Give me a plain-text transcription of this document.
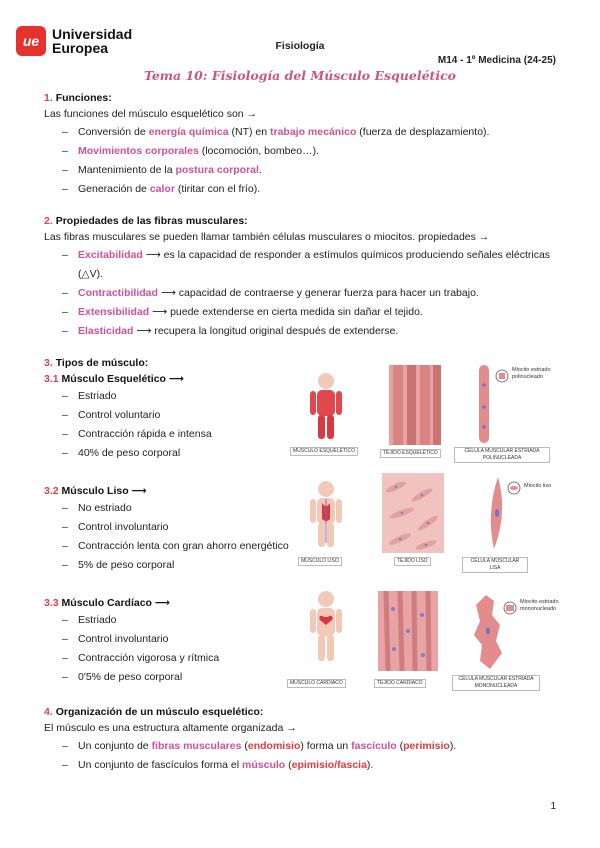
ue Universidad
Europea	Fisiología
M14 - 1º Medicina (24-25)
Tema 10: Fisiología del Músculo Esquelético
1. Funciones:
Las funciones del músculo esquelético son →
– Conversión de energía química (NT) en trabajo mecánico (fuerza de desplazamiento).
– Movimientos corporales (locomoción, bombeo…).
– Mantenimiento de la postura corporal.
– Generación de calor (tiritar con el frío).
2. Propiedades de las fibras musculares:
Las fibras musculares se pueden llamar también células musculares o miocitos. propiedades →
– Excitabilidad ⟶ es la capacidad de responder a estímulos químicos produciendo señales eléctricas (△V).
– Contractibilidad ⟶ capacidad de contraerse y generar fuerza para hacer un trabajo.
– Extensibilidad ⟶ puede extenderse en cierta medida sin dañar el tejido.
– Elasticidad ⟶ recupera la longitud original después de extenderse.
3. Tipos de músculo:
3.1 Músculo Esquelético ⟶
– Estriado
– Control voluntario
– Contracción rápida e intensa
– 40% de peso corporal	MÚSCULO ESQUELÉTICO	TEJIDO ESQUELÉTICO
Miocito estriado polinucleado
CÉLULA MUSCULAR ESTRIADA POLINUCLEADA
3.2 Músculo Liso ⟶
– No estriado
– Control involuntario
– Contracción lenta con gran ahorro energético
– 5% de peso corporal	MÚSCULO LISO	TEJIDO LISO
Miocito liso
CÉLULA MUSCULAR LISA
3.3 Músculo Cardíaco ⟶
– Estriado
– Control involuntario
– Contracción vigorosa y rítmica
– 0'5% de peso corporal	MÚSCULO CARDÍACO	TEJIDO CARDÍACO
Miocito estriado mononucleado
CÉLULA MUSCULAR ESTRIADA MONONUCLEADA
4. Organización de un músculo esquelético:
El músculo es una estructura altamente organizada →
– Un conjunto de fibras musculares (endomisio) forma un fascículo (perimisio).
– Un conjunto de fascículos forma el músculo (epimisio/fascia).
1
